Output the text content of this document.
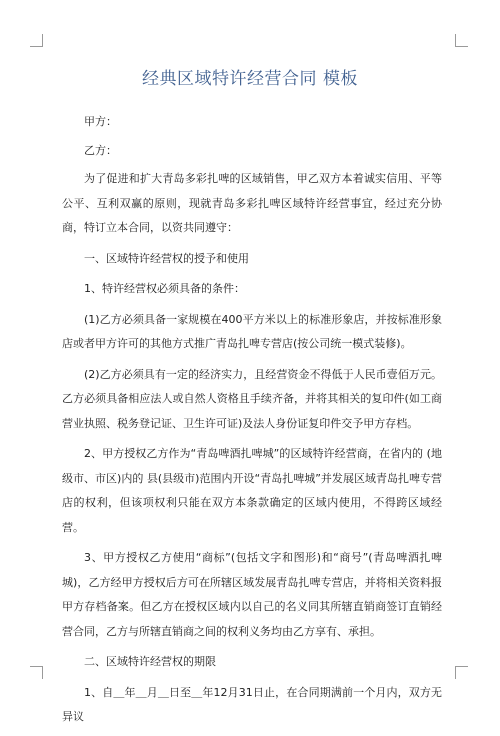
经典区域特许经营合同 模板

甲方：

乙方：

为了促进和扩大青岛多彩扎啤的区域销售，甲乙双方本着诚实信用、平等公平、互利双赢的原则，现就青岛多彩扎啤区域特许经营事宜，经过充分协商，特订立本合同，以资共同遵守：

一、区域特许经营权的授予和使用

1、特许经营权必须具备的条件：

(1)乙方必须具备一家规模在400平方米以上的标准形象店，并按标准形象店或者甲方许可的其他方式推广青岛扎啤专营店(按公司统一模式装修)。

(2)乙方必须具有一定的经济实力，且经营资金不得低于人民币壹佰万元。乙方必须具备相应法人或自然人资格且手续齐备，并将其相关的复印件(如工商营业执照、税务登记证、卫生许可证)及法人身份证复印件交予甲方存档。

2、甲方授权乙方作为“青岛啤酒扎啤城”的区域特许经营商，在省内的 (地级市、市区)内的 县(县级市)范围内开设“青岛扎啤城”并发展区域青岛扎啤专营店的权利，但该项权利只能在双方本条款确定的区域内使用，不得跨区域经营。

3、甲方授权乙方使用“商标”(包括文字和图形)和“商号”(青岛啤酒扎啤城)，乙方经甲方授权后方可在所辖区域发展青岛扎啤专营店，并将相关资料报甲方存档备案。但乙方在授权区域内以自己的名义同其所辖直销商签订直销经营合同，乙方与所辖直销商之间的权利义务均由乙方享有、承担。

二、区域特许经营权的期限

1、自＿年＿月＿日至＿年12月31日止，在合同期满前一个月内，双方无异议
